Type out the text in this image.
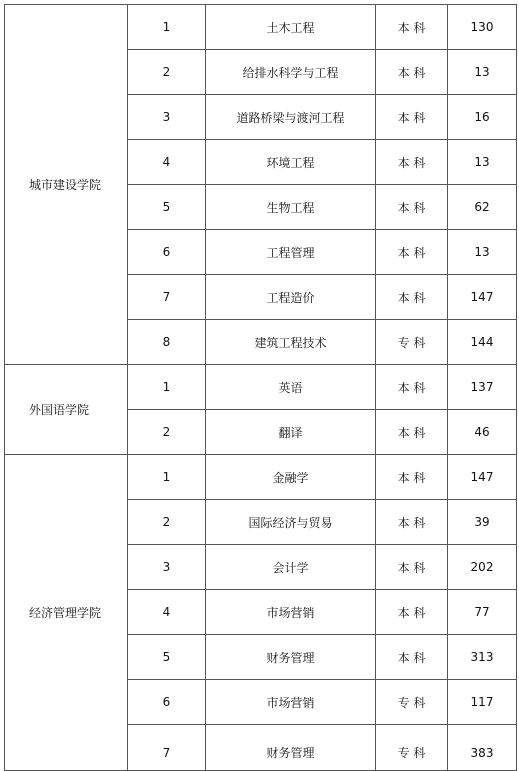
城市建设学院	1	土木工程	本 科	130
	2	给排水科学与工程	本 科	13
	3	道路桥梁与渡河工程	本 科	16
	4	环境工程	本 科	13
	5	生物工程	本 科	62
	6	工程管理	本 科	13
	7	工程造价	本 科	147
	8	建筑工程技术	专 科	144
外国语学院	1	英语	本 科	137
	2	翻译	本 科	46
经济管理学院	1	金融学	本 科	147
	2	国际经济与贸易	本 科	39
	3	会计学	本 科	202
	4	市场营销	本 科	77
	5	财务管理	本 科	313
	6	市场营销	专 科	117
	7	财务管理	专 科	383
